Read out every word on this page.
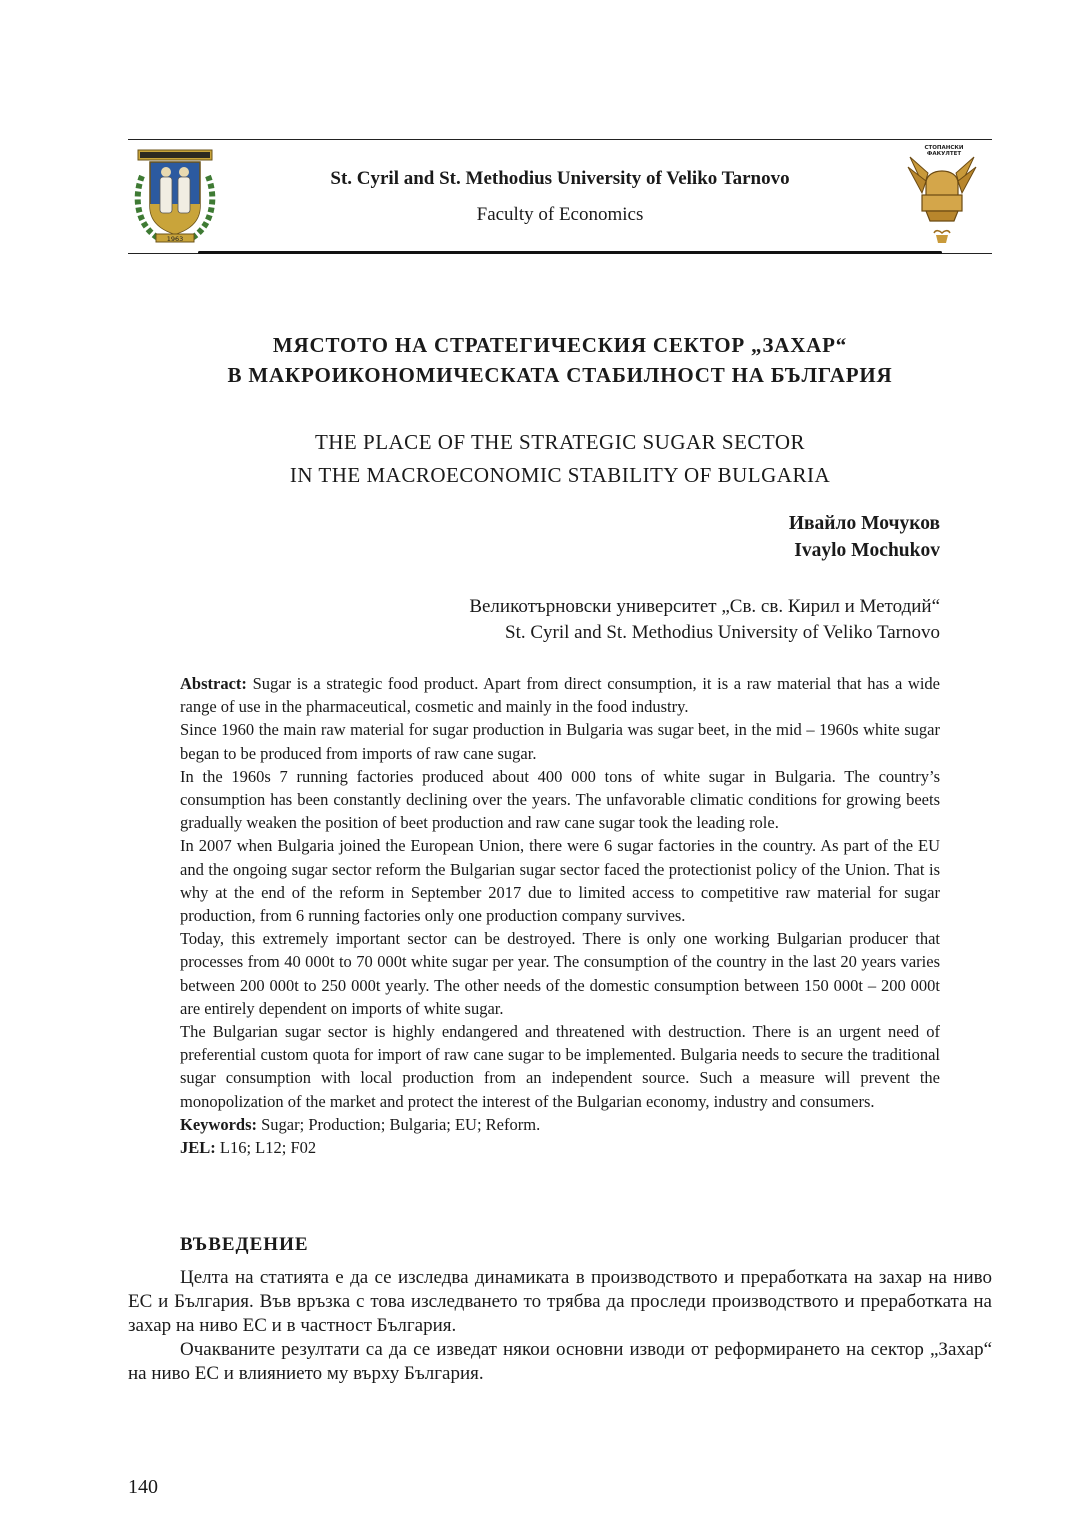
1963
St. Cyril and St. Methodius University of Veliko Tarnovo
Faculty of Economics
СТОПАНСКИ
ФАКУЛТЕТ
МЯСТОТО НА СТРАТЕГИЧЕСКИЯ СЕКТОР „ЗАХАР“
В МАКРОИКОНОМИЧЕСКАТА СТАБИЛНОСТ НА БЪЛГАРИЯ
THE PLACE OF THE STRATEGIC SUGAR SECTOR
IN THE MACROECONOMIC STABILITY OF BULGARIA
Ивайло Мочуков
Ivaylo Mochukov
Великотърновски университет „Св. св. Кирил и Методий“
St. Cyril and St. Methodius University of Veliko Tarnovo

Abstract: Sugar is a strategic food product. Apart from direct consumption, it is a raw material that has a wide range of use in the pharmaceutical, cosmetic and mainly in the food industry.

Since 1960 the main raw material for sugar production in Bulgaria was sugar beet, in the mid – 1960s white sugar began to be produced from imports of raw cane sugar.

In the 1960s 7 running factories produced about 400 000 tons of white sugar in Bulgaria. The country’s consumption has been constantly declining over the years. The unfavorable climatic conditions for growing beets gradually weaken the position of beet production and raw cane sugar took the leading role.

In 2007 when Bulgaria joined the European Union, there were 6 sugar factories in the country. As part of the EU and the ongoing sugar sector reform the Bulgarian sugar sector faced the protectionist policy of the Union. That is why at the end of the reform in September 2017 due to limited access to competitive raw material for sugar production, from 6 running factories only one production company survives.

Today, this extremely important sector can be destroyed. There is only one working Bulgarian producer that processes from 40 000t to 70 000t white sugar per year. The consumption of the country in the last 20 years varies between 200 000t to 250 000t yearly. The other needs of the domestic consumption between 150 000t – 200 000t are entirely dependent on imports of white sugar.

The Bulgarian sugar sector is highly endangered and threatened with destruction. There is an urgent need of preferential custom quota for import of raw cane sugar to be implemented. Bulgaria needs to secure the traditional sugar consumption with local production from an independent source. Such a measure will prevent the monopolization of the market and protect the interest of the Bulgarian economy, industry and consumers.

Keywords: Sugar; Production; Bulgaria; EU; Reform.

JEL: L16; L12; F02

ВЪВЕДЕНИЕ

Целта на статията е да се изследва динамиката в производството и преработката на захар на ниво ЕС и България. Във връзка с това изследването то трябва да проследи производството и преработката на захар на ниво ЕС и в частност България.

Очакваните резултати са да се изведат някои основни изводи от реформирането на сектор „Захар“ на ниво ЕС и влиянието му върху България.

140
